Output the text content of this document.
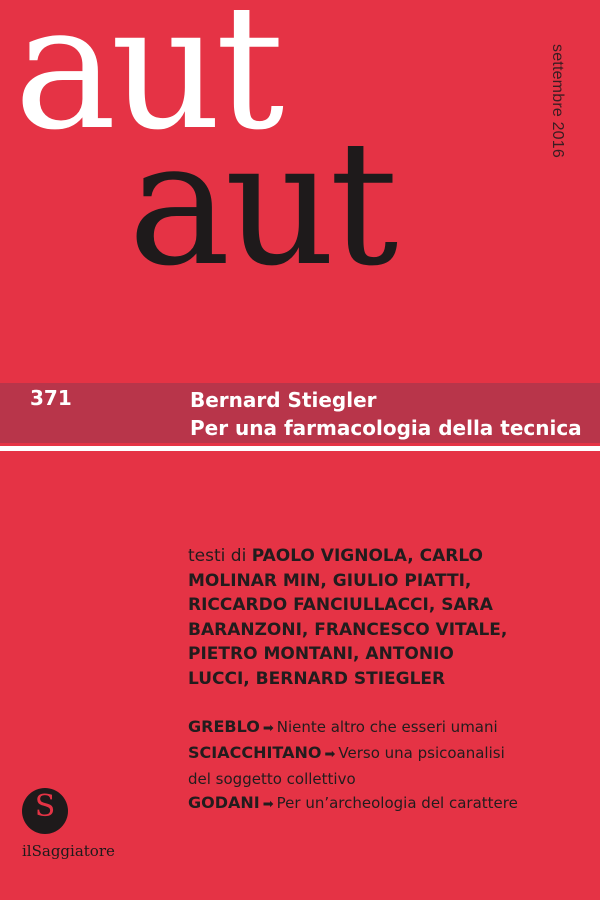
aut
aut
settembre 2016
371	Bernard Stiegler
Per una farmacologia della tecnica
testi di PAOLO VIGNOLA, CARLO MOLINAR MIN, GIULIO PIATTI, RICCARDO FANCIULLACCI, SARA BARANZONI, FRANCESCO VITALE, PIETRO MONTANI, ANTONIO LUCCI, BERNARD STIEGLER
GREBLO ➡ Niente altro che esseri umani
SCIACCHITANO ➡ Verso una psicoanalisi
del soggetto collettivo
GODANI ➡ Per un’archeologia del carattere
S
ilSaggiatore
